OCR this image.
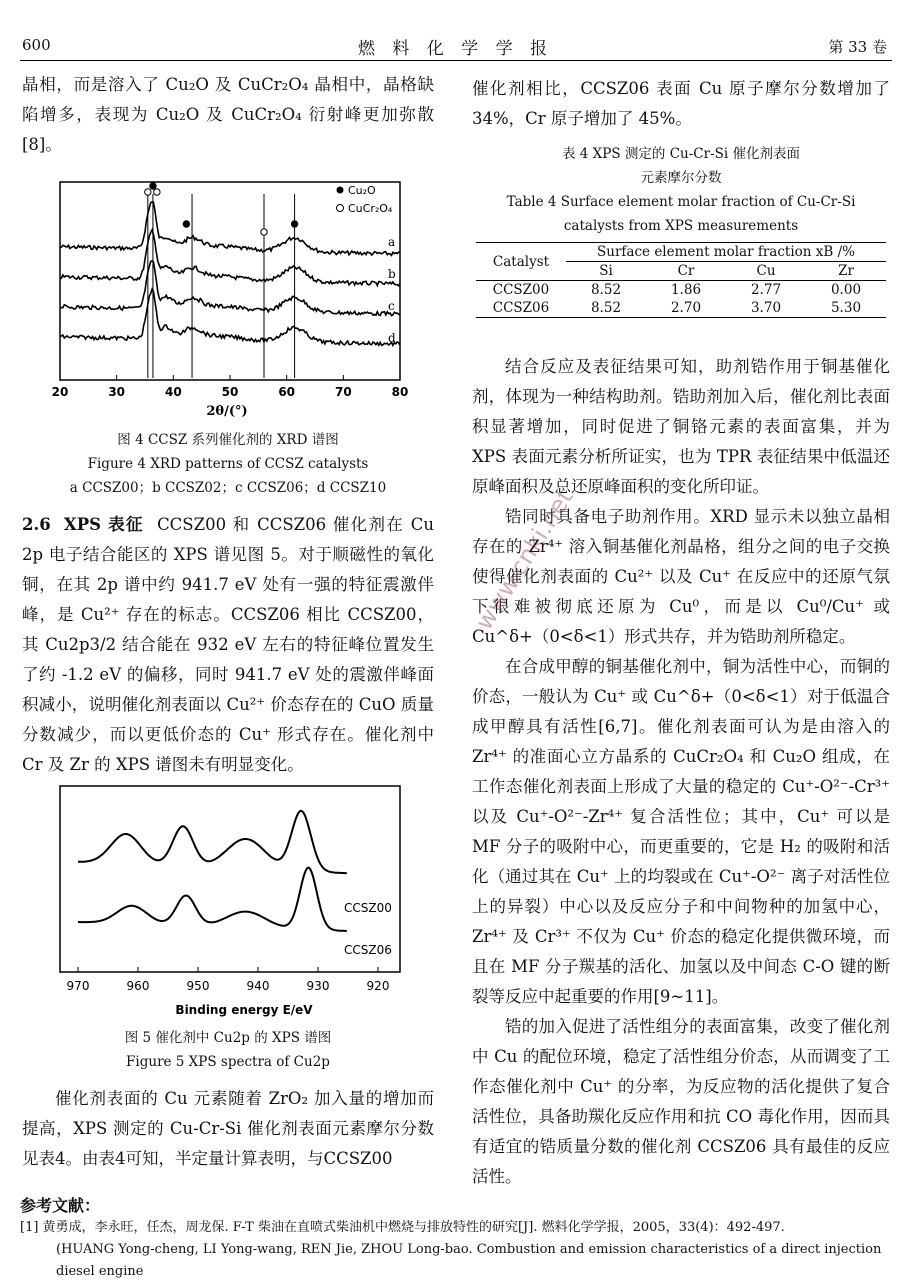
600	燃 料 化 学 学 报	第 33 卷

晶相，而是溶入了 Cu₂O 及 CuCr₂O₄ 晶相中，晶格缺陷增多，表现为 Cu₂O 及 CuCr₂O₄ 衍射峰更加弥散[8]。

20	30	40	50	60	70	80
Cu₂O
CuCr₂O₄
2θ/(°)
a
b
c
d
图 4 CCSZ 系列催化剂的 XRD 谱图
Figure 4 XRD patterns of CCSZ catalysts
a CCSZ00；b CCSZ02；c CCSZ06；d CCSZ10

2.6 XPS 表征 CCSZ00 和 CCSZ06 催化剂在 Cu 2p 电子结合能区的 XPS 谱见图 5。对于顺磁性的氧化铜，在其 2p 谱中约 941.7 eV 处有一强的特征震激伴峰，是 Cu²⁺ 存在的标志。CCSZ06 相比 CCSZ00，其 Cu2p3/2 结合能在 932 eV 左右的特征峰位置发生了约 -1.2 eV 的偏移，同时 941.7 eV 处的震激伴峰面积减小，说明催化剂表面以 Cu²⁺ 价态存在的 CuO 质量分数减少，而以更低价态的 Cu⁺ 形式存在。催化剂中 Cr 及 Zr 的 XPS 谱图未有明显变化。

970	960	950	940	930	920
CCSZ00
CCSZ06
Binding energy E/eV
图 5 催化剂中 Cu2p 的 XPS 谱图
Figure 5 XPS spectra of Cu2p

催化剂表面的 Cu 元素随着 ZrO₂ 加入量的增加而提高，XPS 测定的 Cu-Cr-Si 催化剂表面元素摩尔分数见表4。由表4可知，半定量计算表明，与CCSZ00

催化剂相比，CCSZ06 表面 Cu 原子摩尔分数增加了 34%，Cr 原子增加了 45%。

表 4 XPS 测定的 Cu-Cr-Si 催化剂表面
元素摩尔分数
Table 4 Surface element molar fraction of Cu-Cr-Si
catalysts from XPS measurements
Catalyst	Surface element molar fraction xB /%			
	Si	Cr	Cu	Zr
CCSZ00	8.52	1.86	2.77	0.00
CCSZ06	8.52	2.70	3.70	5.30

结合反应及表征结果可知，助剂锆作用于铜基催化剂，体现为一种结构助剂。锆助剂加入后，催化剂比表面积显著增加，同时促进了铜铬元素的表面富集，并为 XPS 表面元素分析所证实，也为 TPR 表征结果中低温还原峰面积及总还原峰面积的变化所印证。

锆同时具备电子助剂作用。XRD 显示未以独立晶相存在的 Zr⁴⁺ 溶入铜基催化剂晶格，组分之间的电子交换使得催化剂表面的 Cu²⁺ 以及 Cu⁺ 在反应中的还原气氛下很难被彻底还原为 Cu⁰，而是以 Cu⁰/Cu⁺ 或 Cu^δ+（0<δ<1）形式共存，并为锆助剂所稳定。

在合成甲醇的铜基催化剂中，铜为活性中心，而铜的价态，一般认为 Cu⁺ 或 Cu^δ+（0<δ<1）对于低温合成甲醇具有活性[6,7]。催化剂表面可认为是由溶入的 Zr⁴⁺ 的准面心立方晶系的 CuCr₂O₄ 和 Cu₂O 组成，在工作态催化剂表面上形成了大量的稳定的 Cu⁺-O²⁻-Cr³⁺ 以及 Cu⁺-O²⁻-Zr⁴⁺ 复合活性位；其中，Cu⁺ 可以是 MF 分子的吸附中心，而更重要的，它是 H₂ 的吸附和活化（通过其在 Cu⁺ 上的均裂或在 Cu⁺-O²⁻ 离子对活性位上的异裂）中心以及反应分子和中间物种的加氢中心，Zr⁴⁺ 及 Cr³⁺ 不仅为 Cu⁺ 价态的稳定化提供微环境，而且在 MF 分子羰基的活化、加氢以及中间态 C-O 键的断裂等反应中起重要的作用[9~11]。

锆的加入促进了活性组分的表面富集，改变了催化剂中 Cu 的配位环境，稳定了活性组分价态，从而调变了工作态催化剂中 Cu⁺ 的分率，为反应物的活化提供了复合活性位，具备助羰化反应作用和抗 CO 毒化作用，因而具有适宜的锆质量分数的催化剂 CCSZ06 具有最佳的反应活性。

www.cnki.net
参考文献：
[1] 黄勇成，李永旺，任杰，周龙保. F-T 柴油在直喷式柴油机中燃烧与排放特性的研究[J]. 燃料化学学报，2005，33(4)：492-497.
(HUANG Yong-cheng, LI Yong-wang, REN Jie, ZHOU Long-bao. Combustion and emission characteristics of a direct injection diesel engine
